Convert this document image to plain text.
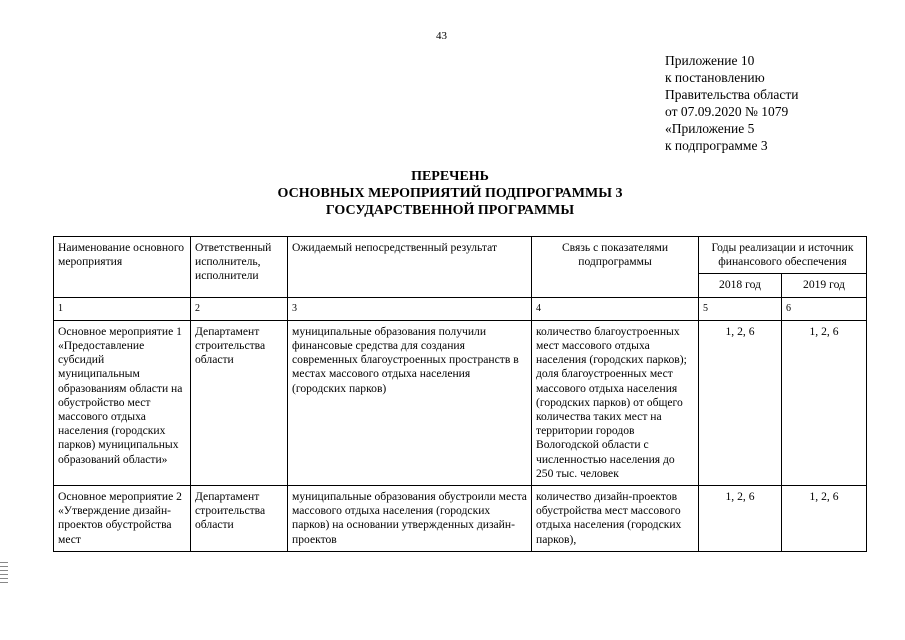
43
Приложение 10
к постановлению
Правительства области
от 07.09.2020 № 1079
«Приложение 5
к подпрограмме 3
ПЕРЕЧЕНЬ
ОСНОВНЫХ МЕРОПРИЯТИЙ ПОДПРОГРАММЫ 3
ГОСУДАРСТВЕННОЙ ПРОГРАММЫ
Наименование основного мероприятия	Ответственный исполнитель, исполнители	Ожидаемый непосредственный результат	Связь с показателями подпрограммы	Годы реализации и источник финансового обеспечения	
				2018 год	2019 год
1	2	3	4	5	6
Основное мероприятие 1 «Предоставление субсидий муниципальным образованиям области на обустройство мест массового отдыха населения (городских парков) муниципальных образований области»	Департамент строительства области	муниципальные образования получили финансовые средства для создания современных благоустроенных пространств в местах массового отдыха населения (городских парков)	количество благоустроенных мест массового отдыха населения (городских парков); доля благоустроенных мест массового отдыха населения (городских парков) от общего количества таких мест на территории городов Вологодской области с численностью населения до 250 тыс. человек	1, 2, 6	1, 2, 6
Основное мероприятие 2 «Утверждение дизайн-проектов обустройства мест	Департамент строительства области	муниципальные образования обустроили места массового отдыха населения (городских парков) на основании утвержденных дизайн-проектов	количество дизайн-проектов обустройства мест массового отдыха населения (городских парков),	1, 2, 6	1, 2, 6
